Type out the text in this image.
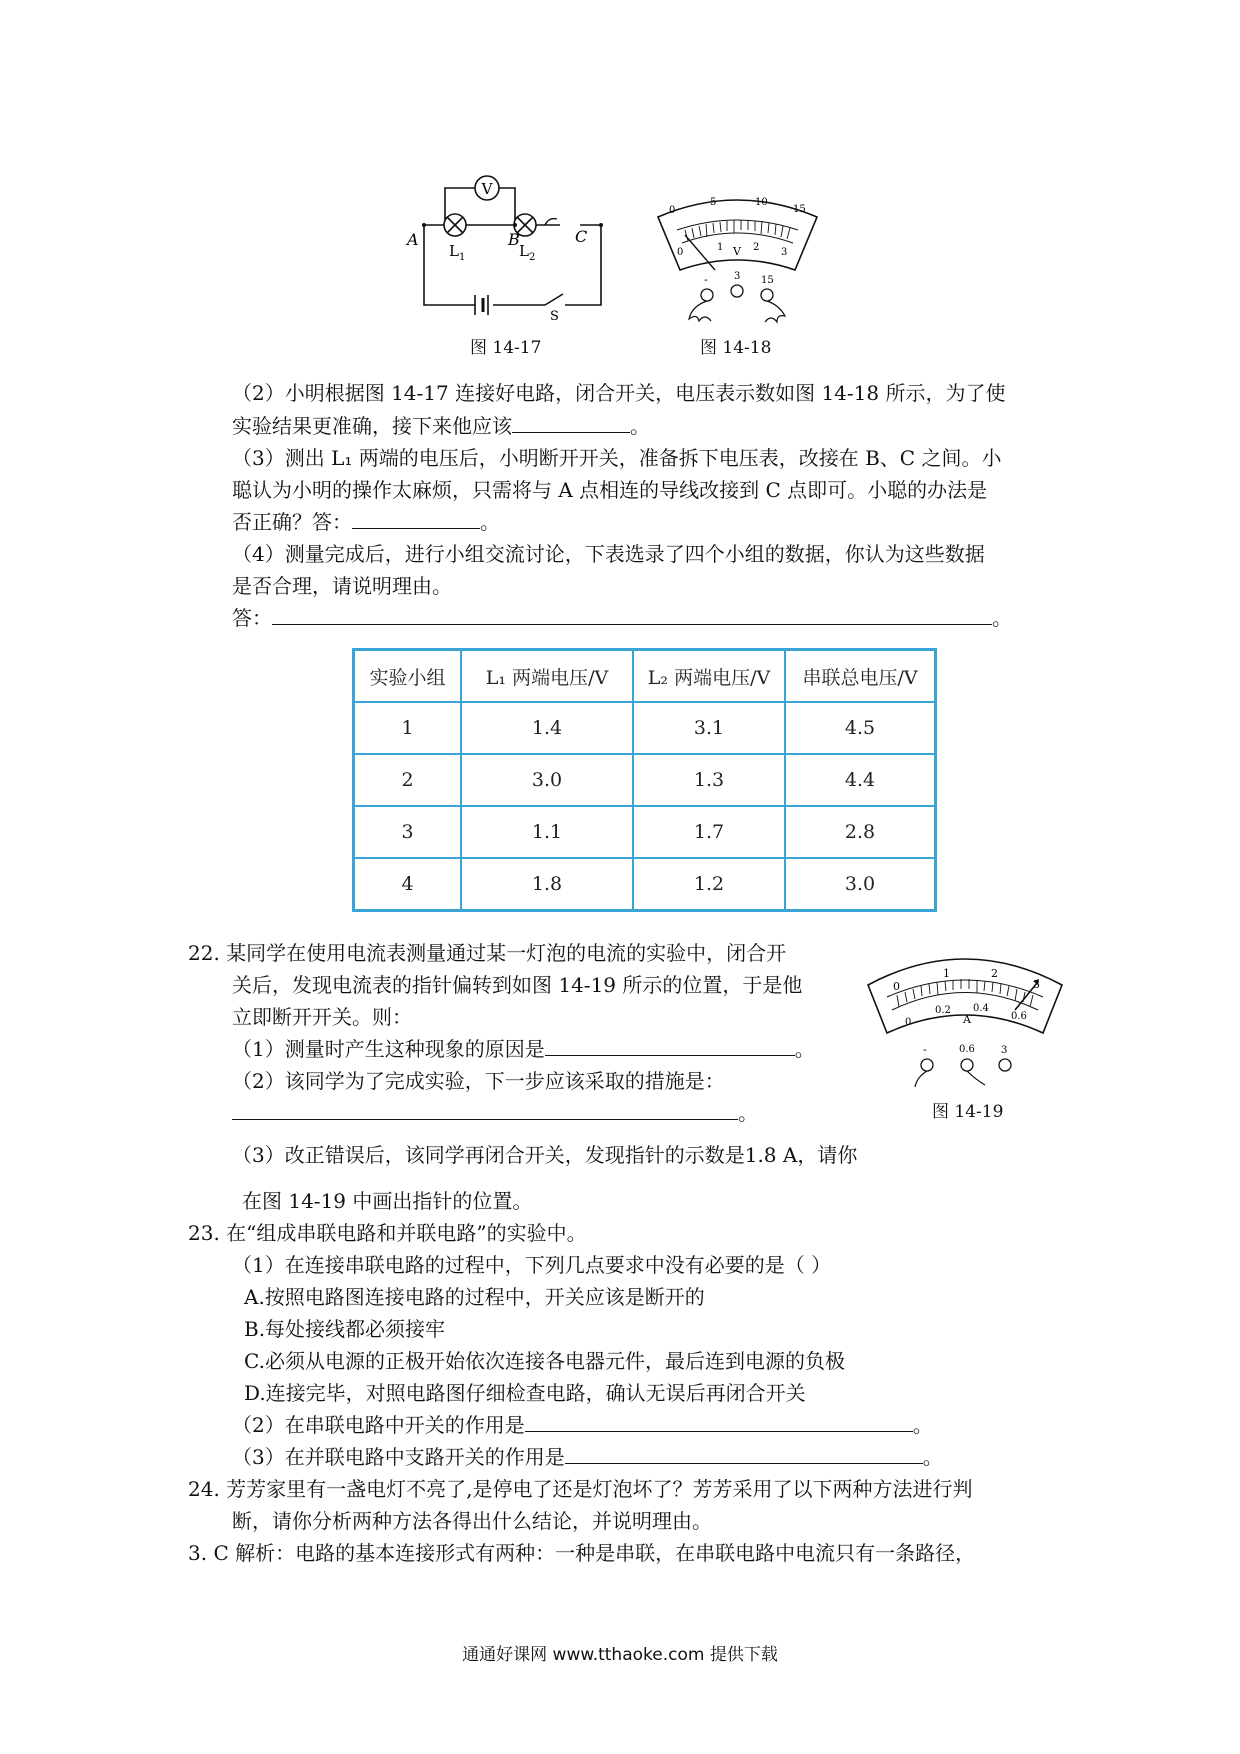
V
A	B	C
$L_1$	$L_2$
S
图 14-17
0
5	10
15
0	1	2 3
V
-	3 15
图 14-18
（2）小明根据图 14-17 连接好电路，闭合开关，电压表示数如图 14-18 所示，为了使
实验结果更准确，接下来他应该	。
（3）测出 L₁ 两端的电压后，小明断开开关，准备拆下电压表，改接在 B、C 之间。小
聪认为小明的操作太麻烦，只需将与 A 点相连的导线改接到 C 点即可。小聪的办法是
否正确？答：	。
（4）测量完成后，进行小组交流讨论，下表选录了四个小组的数据，你认为这些数据
是否合理，请说明理由。
答：	。
实验小组	L₁ 两端电压/V	L₂ 两端电压/V	串联总电压/V
1	1.4	3.1	4.5
2	3.0	1.3	4.4
3	1.1	1.7	2.8
4	1.8	1.2	3.0
22. 某同学在使用电流表测量通过某一灯泡的电流的实验中，闭合开
关后，发现电流表的指针偏转到如图 14-19 所示的位置，于是他
立即断开开关。则：
（1）测量时产生这种现象的原因是	。
（2）该同学为了完成实验，下一步应该采取的措施是：
。
（3）改正错误后，该同学再闭合开关，发现指针的示数是1.8 A，请你
在图 14-19 中画出指针的位置。
0
1	2
3
0
0.2 0.4
0.6
A
-	0.6	3
图 14-19
23. 在“组成串联电路和并联电路”的实验中。
（1）在连接串联电路的过程中，下列几点要求中没有必要的是（ ）
A.按照电路图连接电路的过程中，开关应该是断开的
B.每处接线都必须接牢
C.必须从电源的正极开始依次连接各电器元件，最后连到电源的负极
D.连接完毕，对照电路图仔细检查电路，确认无误后再闭合开关
（2）在串联电路中开关的作用是	。
（3）在并联电路中支路开关的作用是	。
24. 芳芳家里有一盏电灯不亮了,是停电了还是灯泡坏了？芳芳采用了以下两种方法进行判
断，请你分析两种方法各得出什么结论，并说明理由。
3. C 解析：电路的基本连接形式有两种：一种是串联，在串联电路中电流只有一条路径，
通通好课网 www.tthaoke.com 提供下载
